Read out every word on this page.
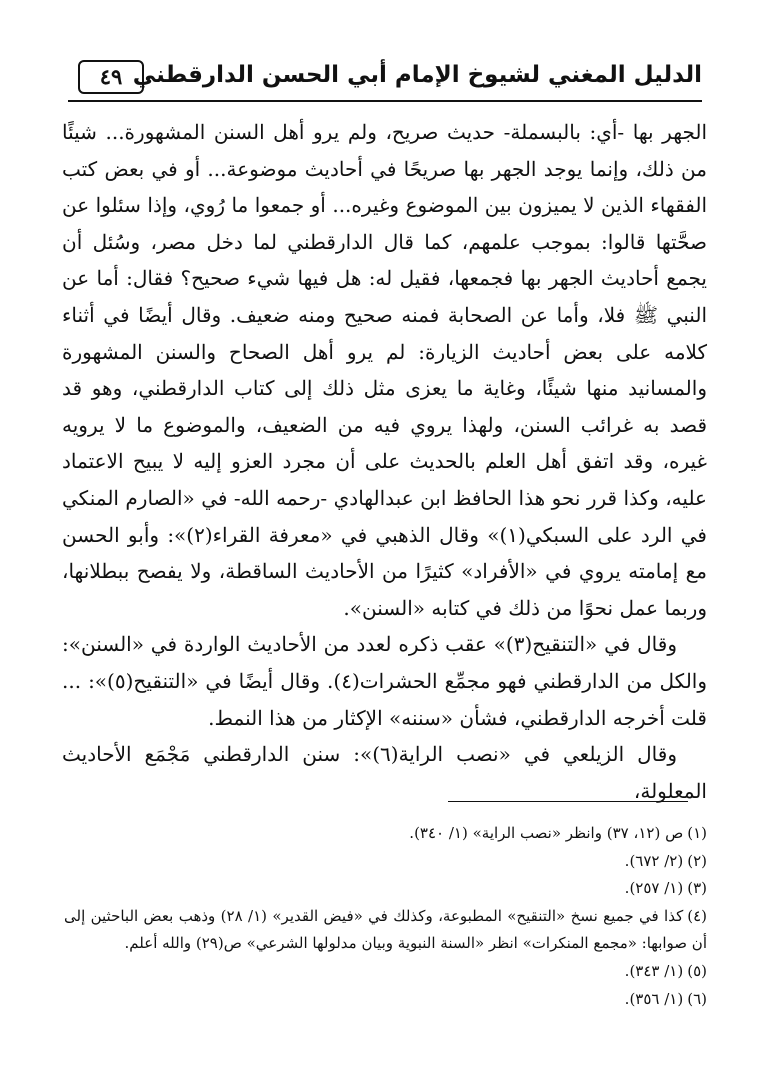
الدليل المغني لشيوخ الإمام أبي الحسن الدارقطني
٤٩

الجهر بها -أي: بالبسملة- حديث صريح، ولم يرو أهل السنن المشهورة... شيئًا من ذلك، وإنما يوجد الجهر بها صريحًا في أحاديث موضوعة... أو في بعض كتب الفقهاء الذين لا يميزون بين الموضوع وغيره... أو جمعوا ما رُوي، وإذا سئلوا عن صحَّتها قالوا: بموجب علمهم، كما قال الدارقطني لما دخل مصر، وسُئل أن يجمع أحاديث الجهر بها فجمعها، فقيل له: هل فيها شيء صحيح؟ فقال: أما عن النبي ﷺ فلا، وأما عن الصحابة فمنه صحيح ومنه ضعيف. وقال أيضًا في أثناء كلامه على بعض أحاديث الزيارة: لم يرو أهل الصحاح والسنن المشهورة والمسانيد منها شيئًا، وغاية ما يعزى مثل ذلك إلى كتاب الدارقطني، وهو قد قصد به غرائب السنن، ولهذا يروي فيه من الضعيف، والموضوع ما لا يرويه غيره، وقد اتفق أهل العلم بالحديث على أن مجرد العزو إليه لا يبيح الاعتماد عليه، وكذا قرر نحو هذا الحافظ ابن عبدالهادي -رحمه الله- في «الصارم المنكي في الرد على السبكي(١)» وقال الذهبي في «معرفة القراء(٢)»: وأبو الحسن مع إمامته يروي في «الأفراد» كثيرًا من الأحاديث الساقطة، ولا يفصح ببطلانها، وربما عمل نحوًا من ذلك في كتابه «السنن».

وقال في «التنقيح(٣)» عقب ذكره لعدد من الأحاديث الواردة في «السنن»: والكل من الدارقطني فهو مجمِّع الحشرات(٤). وقال أيضًا في «التنقيح(٥)»: ... قلت أخرجه الدارقطني، فشأن «سننه» الإكثار من هذا النمط.

وقال الزيلعي في «نصب الراية(٦)»: سنن الدارقطني مَجْمَع الأحاديث المعلولة،

(١)ص (١٢، ٣٧) وانظر «نصب الراية» (١/ ٣٤٠).

(٢)(٢/ ٦٧٢).

(٣)(١/ ٢٥٧).

(٤)كذا في جميع نسخ «التنقيح» المطبوعة، وكذلك في «فيض القدير» (١/ ٢٨) وذهب بعض الباحثين إلى أن صوابها: «مجمع المنكرات» انظر «السنة النبوية وبيان مدلولها الشرعي» ص(٢٩) والله أعلم.

(٥)(١/ ٣٤٣).

(٦)(١/ ٣٥٦).
